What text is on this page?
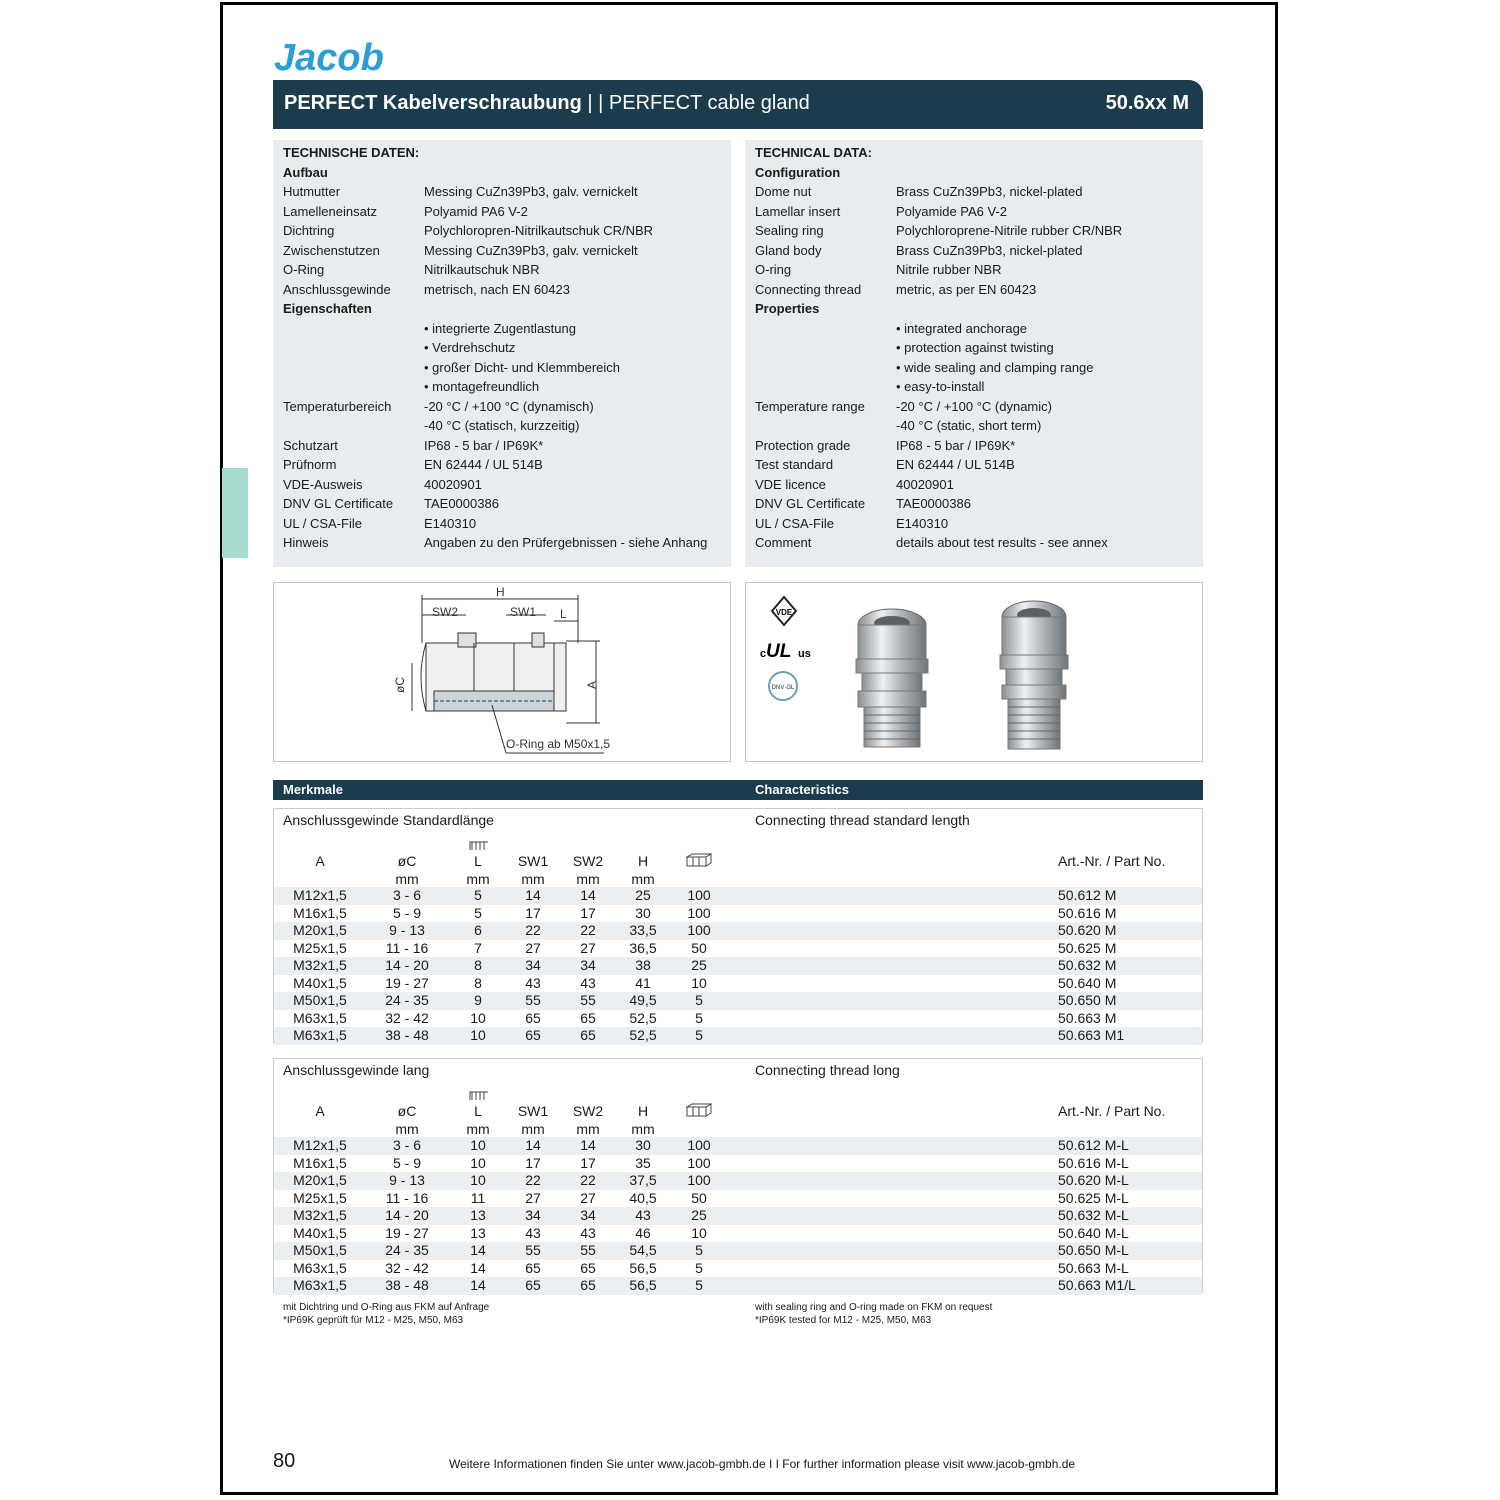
Jacob
PERFECT Kabelverschraubung | | PERFECT cable gland	50.6xx M
TECHNISCHE DATEN:
Aufbau
Hutmutter	Messing CuZn39Pb3, galv. vernickelt
Lamelleneinsatz	Polyamid PA6 V-2
Dichtring	Polychloropren-Nitrilkautschuk CR/NBR
Zwischenstutzen	Messing CuZn39Pb3, galv. vernickelt
O-Ring	Nitrilkautschuk NBR
Anschlussgewinde	metrisch, nach EN 60423
Eigenschaften
• integrierte Zugentlastung
• Verdrehschutz
• großer Dicht- und Klemmbereich
• montagefreundlich
Temperaturbereich	-20 °C / +100 °C (dynamisch)
-40 °C (statisch, kurzzeitig)
Schutzart	IP68 - 5 bar / IP69K*
Prüfnorm	EN 62444 / UL 514B
VDE-Ausweis	40020901
DNV GL Certificate TAE0000386
UL / CSA-File	E140310
Hinweis	Angaben zu den Prüfergebnissen - siehe Anhang
TECHNICAL DATA:
Configuration
Dome nut	Brass CuZn39Pb3, nickel-plated
Lamellar insert	Polyamide PA6 V-2
Sealing ring	Polychloroprene-Nitrile rubber CR/NBR
Gland body	Brass CuZn39Pb3, nickel-plated
O-ring	Nitrile rubber NBR
Connecting thread	metric, as per EN 60423
Properties
• integrated anchorage
• protection against twisting
• wide sealing and clamping range
• easy-to-install
Temperature range -20 °C / +100 °C (dynamic)
-40 °C (static, short term)
Protection grade	IP68 - 5 bar / IP69K*
Test standard	EN 62444 / UL 514B
VDE licence	40020901
DNV GL Certificate TAE0000386
UL / CSA-File	E140310
Comment	details about test results - see annex
H
SW2	SW1 L
øC	A
O-Ring ab M50x1,5
VDE
c UL us
DNV·GL
Merkmale	Characteristics
Anschlussgewinde Standardlänge	Connecting thread standard length
A	øC	L	SW1 SW2 H
mm	mm mm mm mm
Art.-Nr. / Part No.
M12x1,5	3 - 6	5	14	14	25	100	50.612 M
M16x1,5	5 - 9	5	17	17	30	100	50.616 M
M20x1,5	9 - 13	6	22	22 33,5 100	50.620 M
M25x1,5	11 - 16	7	27	27 36,5 50	50.625 M
M32x1,5	14 - 20	8	34	34	38	25	50.632 M
M40x1,5	19 - 27	8	43	43	41	10	50.640 M
M50x1,5	24 - 35	9	55	55 49,5	5	50.650 M
M63x1,5	32 - 42	10	65	65 52,5	5	50.663 M
M63x1,5	38 - 48	10	65	65 52,5	5	50.663 M1
Anschlussgewinde lang	Connecting thread long
A	øC	L	SW1 SW2 H
mm	mm mm mm mm
Art.-Nr. / Part No.
M12x1,5	3 - 6	10	14	14	30	100	50.612 M-L
M16x1,5	5 - 9	10	17	17	35	100	50.616 M-L
M20x1,5	9 - 13	10	22	22 37,5 100	50.620 M-L
M25x1,5	11 - 16	11	27	27 40,5 50	50.625 M-L
M32x1,5	14 - 20	13	34	34	43	25	50.632 M-L
M40x1,5	19 - 27	13	43	43	46	10	50.640 M-L
M50x1,5	24 - 35	14	55	55 54,5	5	50.650 M-L
M63x1,5	32 - 42	14	65	65 56,5	5	50.663 M-L
M63x1,5	38 - 48	14	65	65 56,5	5	50.663 M1/L
mit Dichtring und O-Ring aus FKM auf Anfrage
*IP69K geprüft für M12 - M25, M50, M63
with sealing ring and O-ring made on FKM on request
*IP69K tested for M12 - M25, M50, M63
80	Weitere Informationen finden Sie unter www.jacob-gmbh.de I I For further information please visit www.jacob-gmbh.de
